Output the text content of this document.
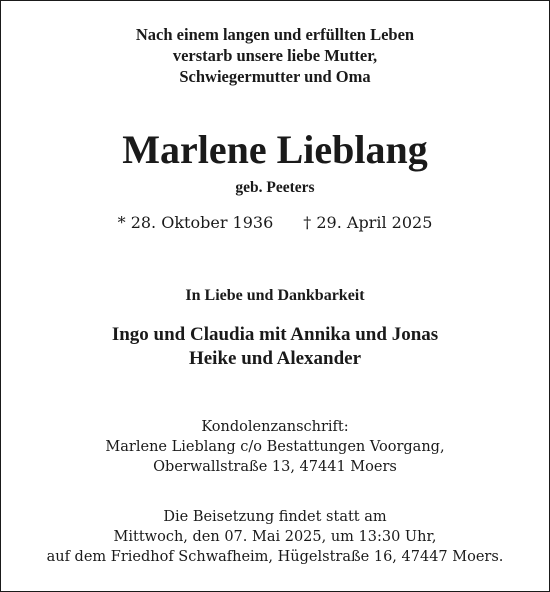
Nach einem langen und erfüllten Leben
verstarb unsere liebe Mutter,
Schwiegermutter und Oma
Marlene Lieblang
geb. Peeters
* 28. Oktober 1936 † 29. April 2025
In Liebe und Dankbarkeit
Ingo und Claudia mit Annika und Jonas
Heike und Alexander
Kondolenzanschrift:
Marlene Lieblang c/o Bestattungen Voorgang,
Oberwallstraße 13, 47441 Moers
Die Beisetzung findet statt am
Mittwoch, den 07. Mai 2025, um 13:30 Uhr,
auf dem Friedhof Schwafheim, Hügelstraße 16, 47447 Moers.
